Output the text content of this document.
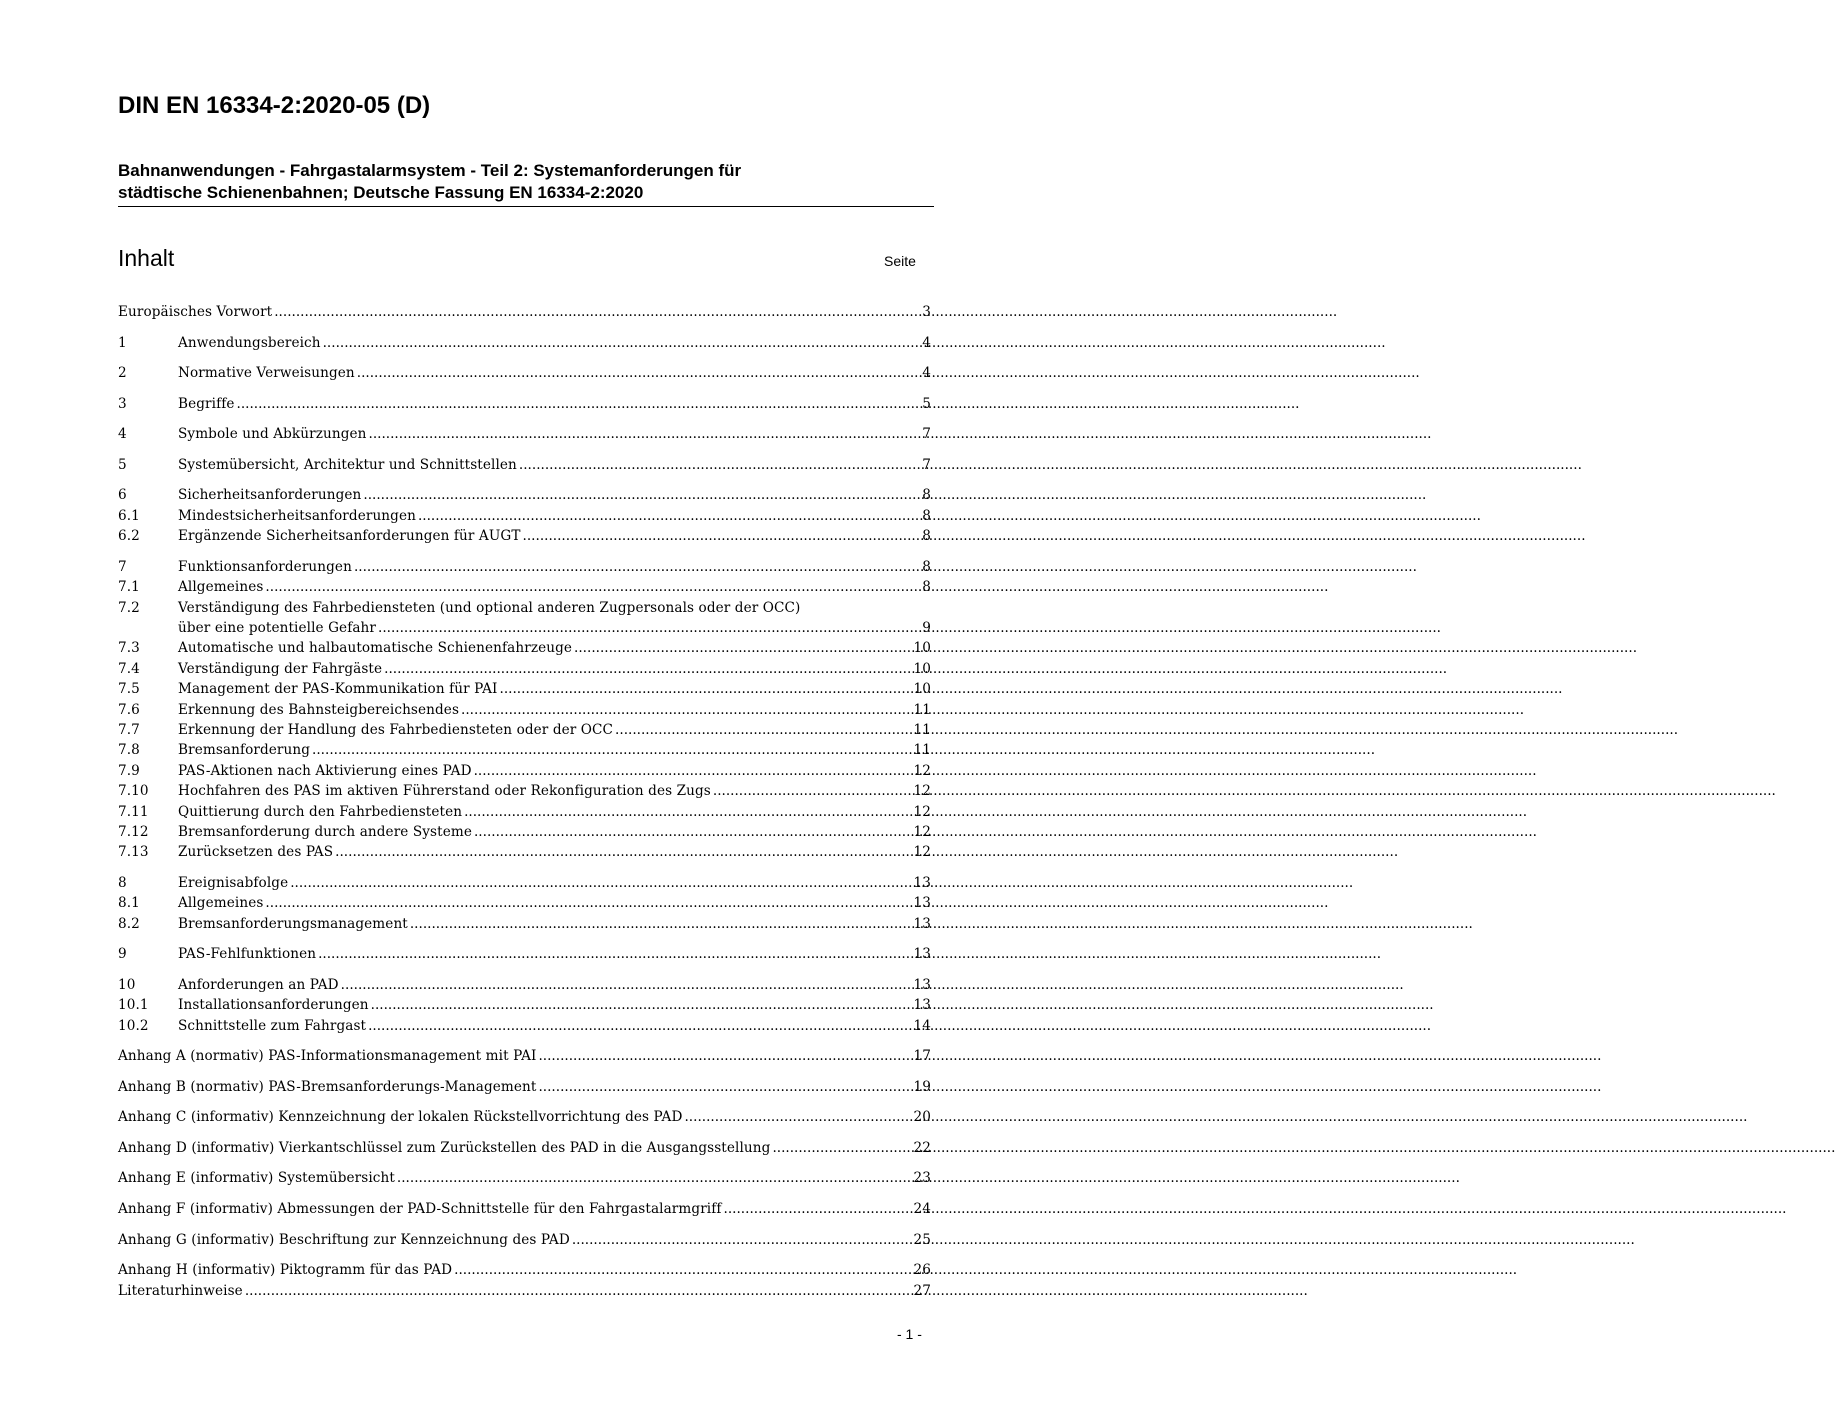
DIN EN 16334-2:2020-05 (D)
Bahnanwendungen - Fahrgastalarmsystem - Teil 2: Systemanforderungen für
städtische Schienenbahnen; Deutsche Fassung EN 16334-2:2020
Inhalt	Seite
Europäisches Vorwort .....	3
1	Anwendungsbereich .....	4
2	Normative Verweisungen .....	4
3	Begriffe .....	5
4	Symbole und Abkürzungen .....	7
5	Systemübersicht, Architektur und Schnittstellen .....	7
6	Sicherheitsanforderungen .....	8
6.1	Mindestsicherheitsanforderungen .....	8
6.2	Ergänzende Sicherheitsanforderungen für AUGT .....	8
7	Funktionsanforderungen .....	8
7.1	Allgemeines .....	8
7.2	Verständigung des Fahrbediensteten (und optional anderen Zugpersonals oder der OCC)
über eine potentielle Gefahr .....	9
7.3	Automatische und halbautomatische Schienenfahrzeuge .....	10
7.4	Verständigung der Fahrgäste .....	10
7.5	Management der PAS-Kommunikation für PAI .....	10
7.6	Erkennung des Bahnsteigbereichsendes .....	11
7.7	Erkennung der Handlung des Fahrbediensteten oder der OCC .....	11
7.8	Bremsanforderung .....	11
7.9	PAS-Aktionen nach Aktivierung eines PAD .....	12
7.10	Hochfahren des PAS im aktiven Führerstand oder Rekonfiguration des Zugs .....	12
7.11	Quittierung durch den Fahrbediensteten .....	12
7.12	Bremsanforderung durch andere Systeme .....	12
7.13	Zurücksetzen des PAS .....	12
8	Ereignisabfolge .....	13
8.1	Allgemeines .....	13
8.2	Bremsanforderungsmanagement .....	13
9	PAS-Fehlfunktionen .....	13
10	Anforderungen an PAD .....	13
10.1	Installationsanforderungen .....	13
10.2	Schnittstelle zum Fahrgast .....	14
Anhang A (normativ) PAS-Informationsmanagement mit PAI .....	17
Anhang B (normativ) PAS-Bremsanforderungs-Management .....	19
Anhang C (informativ) Kennzeichnung der lokalen Rückstellvorrichtung des PAD .....	20
Anhang D (informativ) Vierkantschlüssel zum Zurückstellen des PAD in die Ausgangsstellung .....	22
Anhang E (informativ) Systemübersicht .....	23
Anhang F (informativ) Abmessungen der PAD-Schnittstelle für den Fahrgastalarmgriff .....	24
Anhang G (informativ) Beschriftung zur Kennzeichnung des PAD .....	25
Anhang H (informativ) Piktogramm für das PAD .....	26
Literaturhinweise .....	27
- 1 -
